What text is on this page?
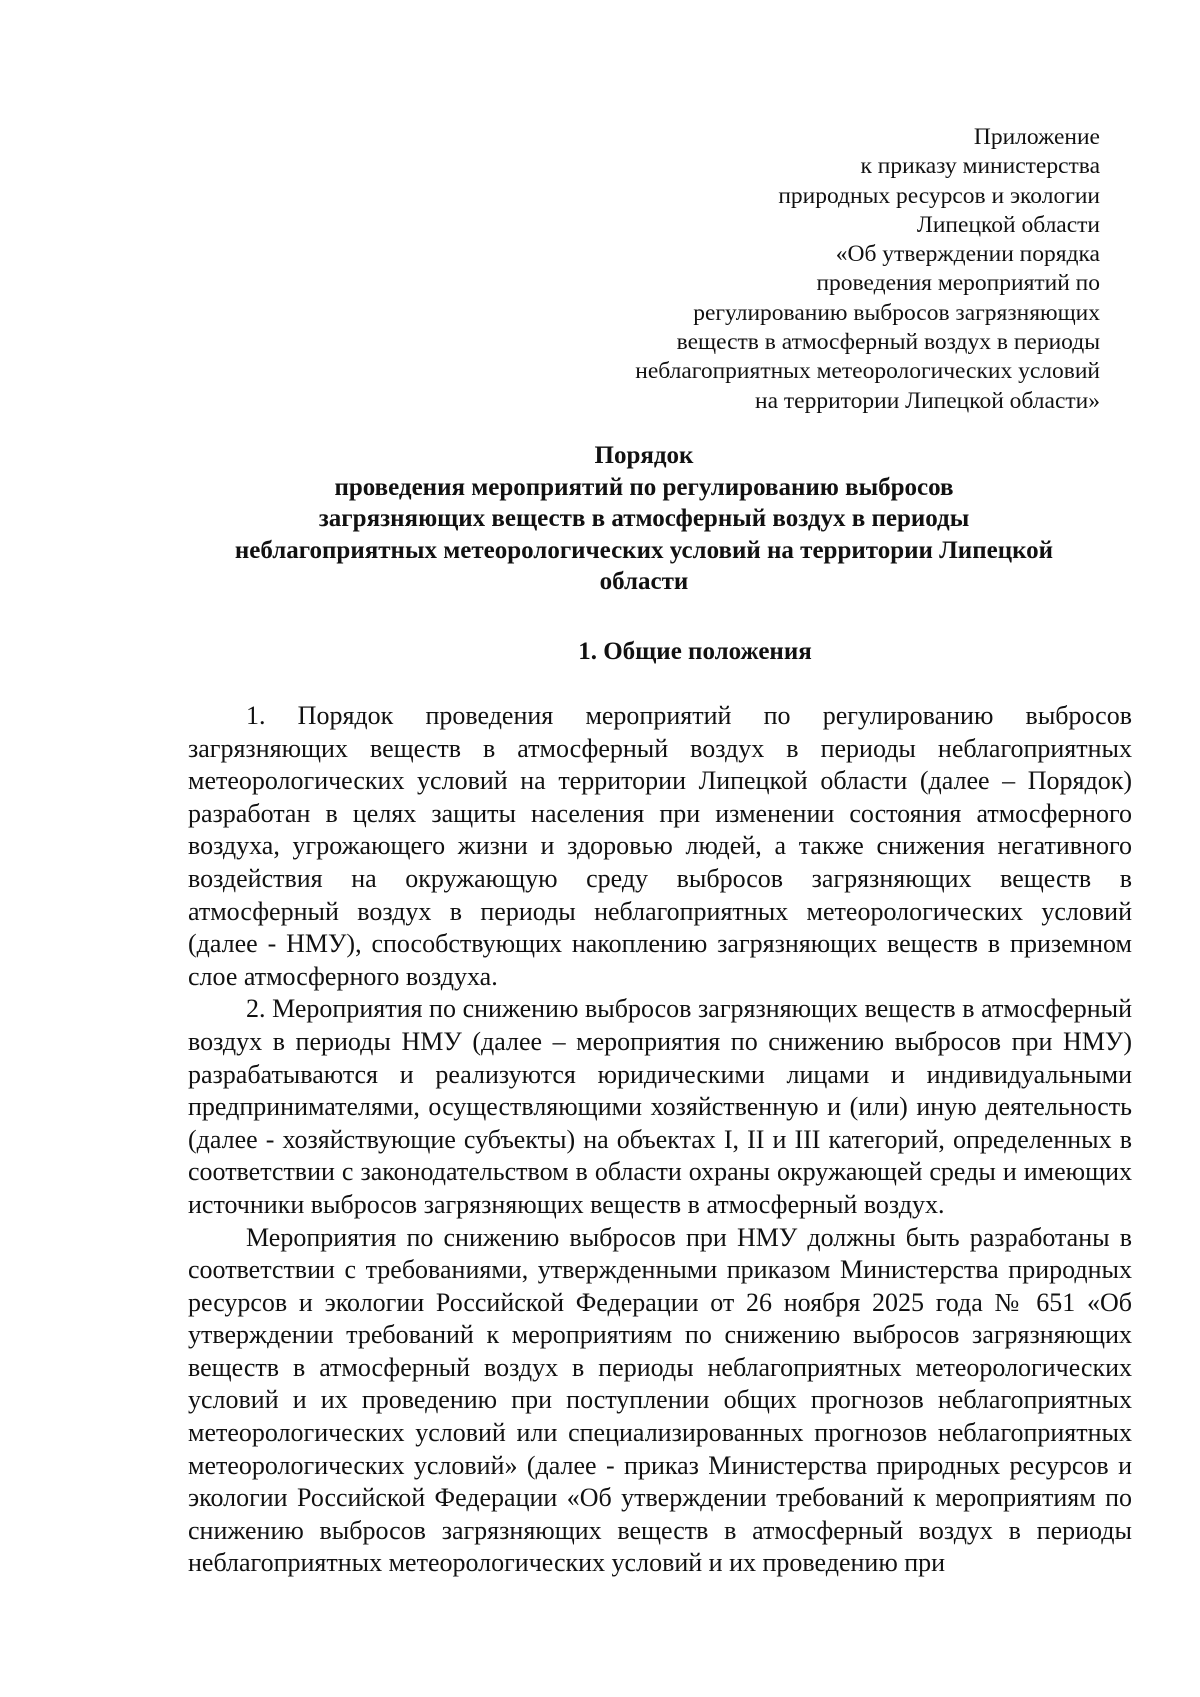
Приложение
к приказу министерства
природных ресурсов и экологии
Липецкой области
«Об утверждении порядка
проведения мероприятий по
регулированию выбросов загрязняющих
веществ в атмосферный воздух в периоды
неблагоприятных метеорологических условий
на территории Липецкой области»
Порядок
проведения мероприятий по регулированию выбросов
загрязняющих веществ в атмосферный воздух в периоды
неблагоприятных метеорологических условий на территории Липецкой
области
1. Общие положения

1. Порядок проведения мероприятий по регулированию выбросов загрязняющих веществ в атмосферный воздух в периоды неблагоприятных метеорологических условий на территории Липецкой области (далее – Порядок) разработан в целях защиты населения при изменении состояния атмосферного воздуха, угрожающего жизни и здоровью людей, а также снижения негативного воздействия на окружающую среду выбросов загрязняющих веществ в атмосферный воздух в периоды неблагоприятных метеорологических условий (далее - НМУ), способствующих накоплению загрязняющих веществ в приземном слое атмосферного воздуха.

2. Мероприятия по снижению выбросов загрязняющих веществ в атмосферный воздух в периоды НМУ (далее – мероприятия по снижению выбросов при НМУ) разрабатываются и реализуются юридическими лицами и индивидуальными предпринимателями, осуществляющими хозяйственную и (или) иную деятельность (далее - хозяйствующие субъекты) на объектах I, II и III категорий, определенных в соответствии с законодательством в области охраны окружающей среды и имеющих источники выбросов загрязняющих веществ в атмосферный воздух.

Мероприятия по снижению выбросов при НМУ должны быть разработаны в соответствии с требованиями, утвержденными приказом Министерства природных ресурсов и экологии Российской Федерации от 26 ноября 2025 года № 651 «Об утверждении требований к мероприятиям по снижению выбросов загрязняющих веществ в атмосферный воздух в периоды неблагоприятных метеорологических условий и их проведению при поступлении общих прогнозов неблагоприятных метеорологических условий или специализированных прогнозов неблагоприятных метеорологических условий» (далее - приказ Министерства природных ресурсов и экологии Российской Федерации «Об утверждении требований к мероприятиям по снижению выбросов загрязняющих веществ в атмосферный воздух в периоды неблагоприятных метеорологических условий и их проведению при
